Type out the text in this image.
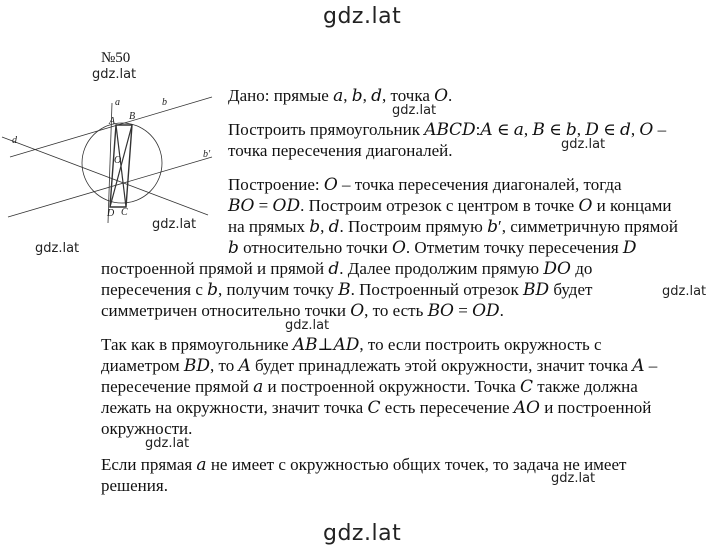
gdz.lat
№50
gdz.lat
a	b
d
b'
A B
O
D C
Дано: прямые 𝑎, 𝑏, 𝑑, точка 𝑂.
Построить прямоугольник 𝐴𝐵𝐶𝐷:𝐴 ∈ 𝑎, 𝐵 ∈ 𝑏, 𝐷 ∈ 𝑑, 𝑂 –
точка пересечения диагоналей.
Построение: 𝑂 – точка пересечения диагоналей, тогда
𝐵𝑂 = 𝑂𝐷. Построим отрезок с центром в точке 𝑂 и концами
на прямых 𝑏, 𝑑. Построим прямую 𝑏′, симметричную прямой
𝑏 относительно точки 𝑂. Отметим точку пересечения 𝐷
построенной прямой и прямой 𝑑. Далее продолжим прямую 𝐷𝑂 до
пересечения с 𝑏, получим точку 𝐵. Построенный отрезок 𝐵𝐷 будет
симметричен относительно точки 𝑂, то есть 𝐵𝑂 = 𝑂𝐷.
Так как в прямоугольнике 𝐴𝐵⊥𝐴𝐷, то если построить окружность с
диаметром 𝐵𝐷, то 𝐴 будет принадлежать этой окружности, значит точка 𝐴 –
пересечение прямой 𝑎 и построенной окружности. Точка 𝐶 также должна
лежать на окружности, значит точка 𝐶 есть пересечение 𝐴𝑂 и построенной
окружности.
Если прямая 𝑎 не имеет с окружностью общих точек, то задача не имеет
решения.
gdz.lat
gdz.lat
gdz.lat
gdz.lat
gdz.lat
gdz.lat
gdz.lat
gdz.lat
gdz.lat
